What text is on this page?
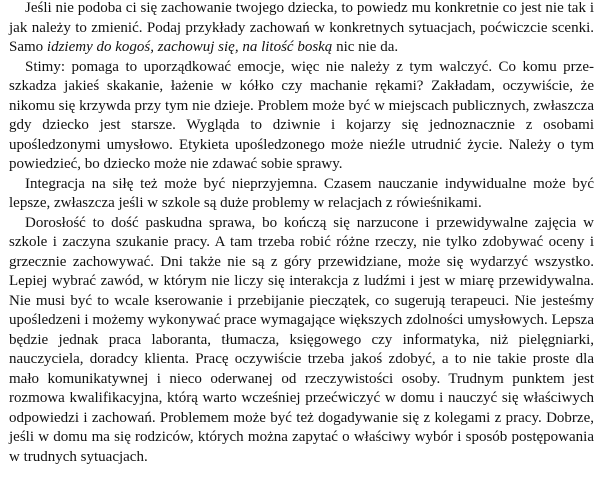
Jeśli nie podoba ci się zachowanie twojego dziecka, to powiedz mu konkretnie co jest nie tak i jak należy to zmienić. Podaj przykłady zachowań w konkretnych sytuacjach, poćwiczcie scenki. Samo idziemy do kogoś, zachowuj się, na litość boską nic nie da.

Stimy: pomaga to uporządkować emocje, więc nie należy z tym walczyć. Co komu przeszkadza jakieś skakanie, łażenie w kółko czy machanie rękami? Zakładam, oczywiście, że nikomu się krzywda przy tym nie dzieje. Problem może być w miejscach publicznych, zwłaszcza gdy dziecko jest starsze. Wygląda to dziwnie i kojarzy się jednoznacznie z osobami upośledzonymi umysłowo. Etykieta upośledzonego może nieźle utrudnić życie. Należy o tym powiedzieć, bo dziecko może nie zdawać sobie sprawy.

Integracja na siłę też może być nieprzyjemna. Czasem nauczanie indywidualne może być lepsze, zwłaszcza jeśli w szkole są duże problemy w relacjach z rówieśnikami.

Dorosłość to dość paskudna sprawa, bo kończą się narzucone i przewidywalne zajęcia w szkole i zaczyna szukanie pracy. A tam trzeba robić różne rzeczy, nie tylko zdobywać oceny i grzecznie zachowywać. Dni także nie są z góry przewidziane, może się wydarzyć wszystko. Lepiej wybrać zawód, w którym nie liczy się interakcja z ludźmi i jest w miarę przewidywalna. Nie musi być to wcale kserowanie i przebijanie pieczątek, co sugerują terapeuci. Nie jesteśmy upośledzeni i możemy wykonywać prace wymagające większych zdolności umysłowych. Lepsza będzie jednak praca laboranta, tłumacza, księgowego czy informatyka, niż pielęgniarki, nauczyciela, doradcy klienta. Pracę oczywiście trzeba jakoś zdobyć, a to nie takie proste dla mało komunikatywnej i nieco oderwanej od rzeczywistości osoby. Trudnym punktem jest rozmowa kwalifikacyjna, którą warto wcześniej przećwiczyć w domu i nauczyć się właściwych odpowiedzi i zachowań. Problemem może być też dogadywanie się z kolegami z pracy. Dobrze, jeśli w domu ma się rodziców, których można zapytać o właściwy wybór i sposób postępowania w trudnych sytuacjach.
